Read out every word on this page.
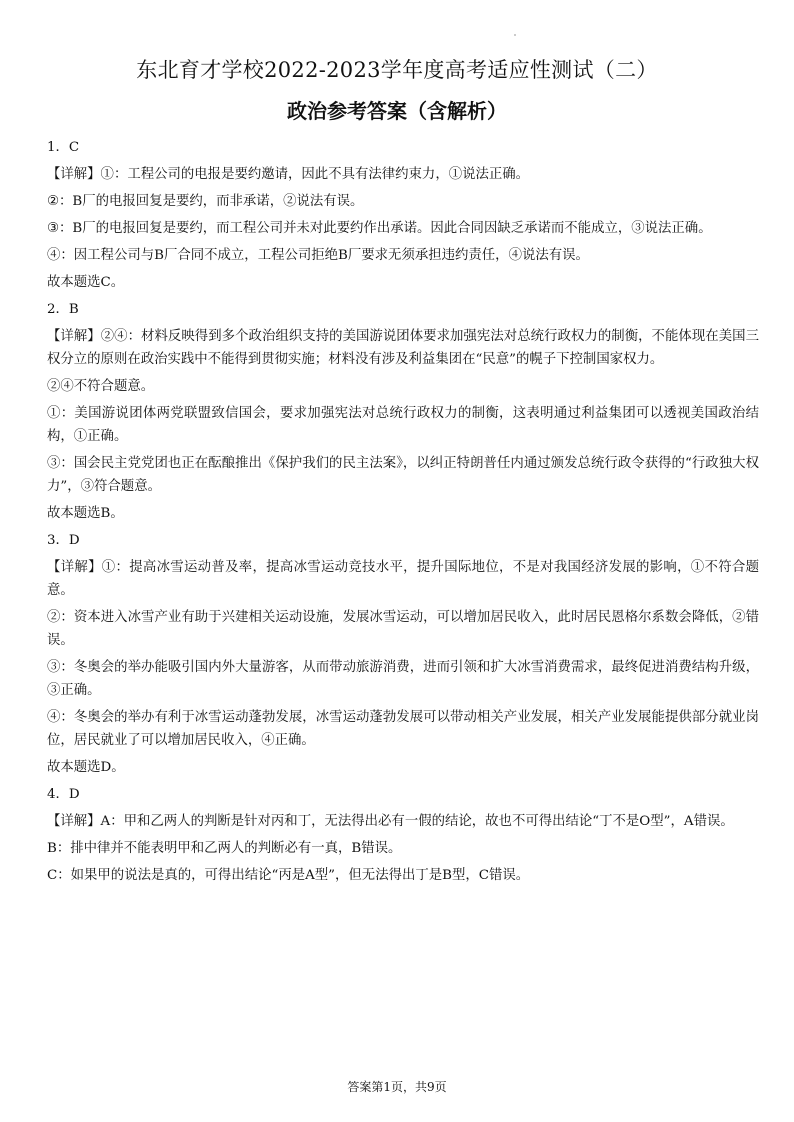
东北育才学校2022-2023学年度高考适应性测试（二）
政治参考答案（含解析）

1．C

【详解】①：工程公司的电报是要约邀请，因此不具有法律约束力，①说法正确。

②：B厂的电报回复是要约，而非承诺，②说法有误。

③：B厂的电报回复是要约，而工程公司并未对此要约作出承诺。因此合同因缺乏承诺而不能成立，③说法正确。

④：因工程公司与B厂合同不成立，工程公司拒绝B厂要求无须承担违约责任，④说法有误。

故本题选C。

2．B

【详解】②④：材料反映得到多个政治组织支持的美国游说团体要求加强宪法对总统行政权力的制衡，不能体现在美国三权分立的原则在政治实践中不能得到贯彻实施；材料没有涉及利益集团在“民意”的幌子下控制国家权力。

②④不符合题意。

①：美国游说团体两党联盟致信国会，要求加强宪法对总统行政权力的制衡，这表明通过利益集团可以透视美国政治结构，①正确。

③：国会民主党党团也正在酝酿推出《保护我们的民主法案》，以纠正特朗普任内通过颁发总统行政令获得的“行政独大权力”，③符合题意。

故本题选B。

3．D

【详解】①：提高冰雪运动普及率，提高冰雪运动竞技水平，提升国际地位，不是对我国经济发展的影响，①不符合题意。

②：资本进入冰雪产业有助于兴建相关运动设施，发展冰雪运动，可以增加居民收入，此时居民恩格尔系数会降低，②错误。

③：冬奥会的举办能吸引国内外大量游客，从而带动旅游消费，进而引领和扩大冰雪消费需求，最终促进消费结构升级，③正确。

④：冬奥会的举办有利于冰雪运动蓬勃发展，冰雪运动蓬勃发展可以带动相关产业发展，相关产业发展能提供部分就业岗位，居民就业了可以增加居民收入，④正确。

故本题选D。

4．D

【详解】A：甲和乙两人的判断是针对丙和丁，无法得出必有一假的结论，故也不可得出结论“丁不是O型”，A错误。

B：排中律并不能表明甲和乙两人的判断必有一真，B错误。

C：如果甲的说法是真的，可得出结论“丙是A型”，但无法得出丁是B型，C错误。

答案第1页，共9页
